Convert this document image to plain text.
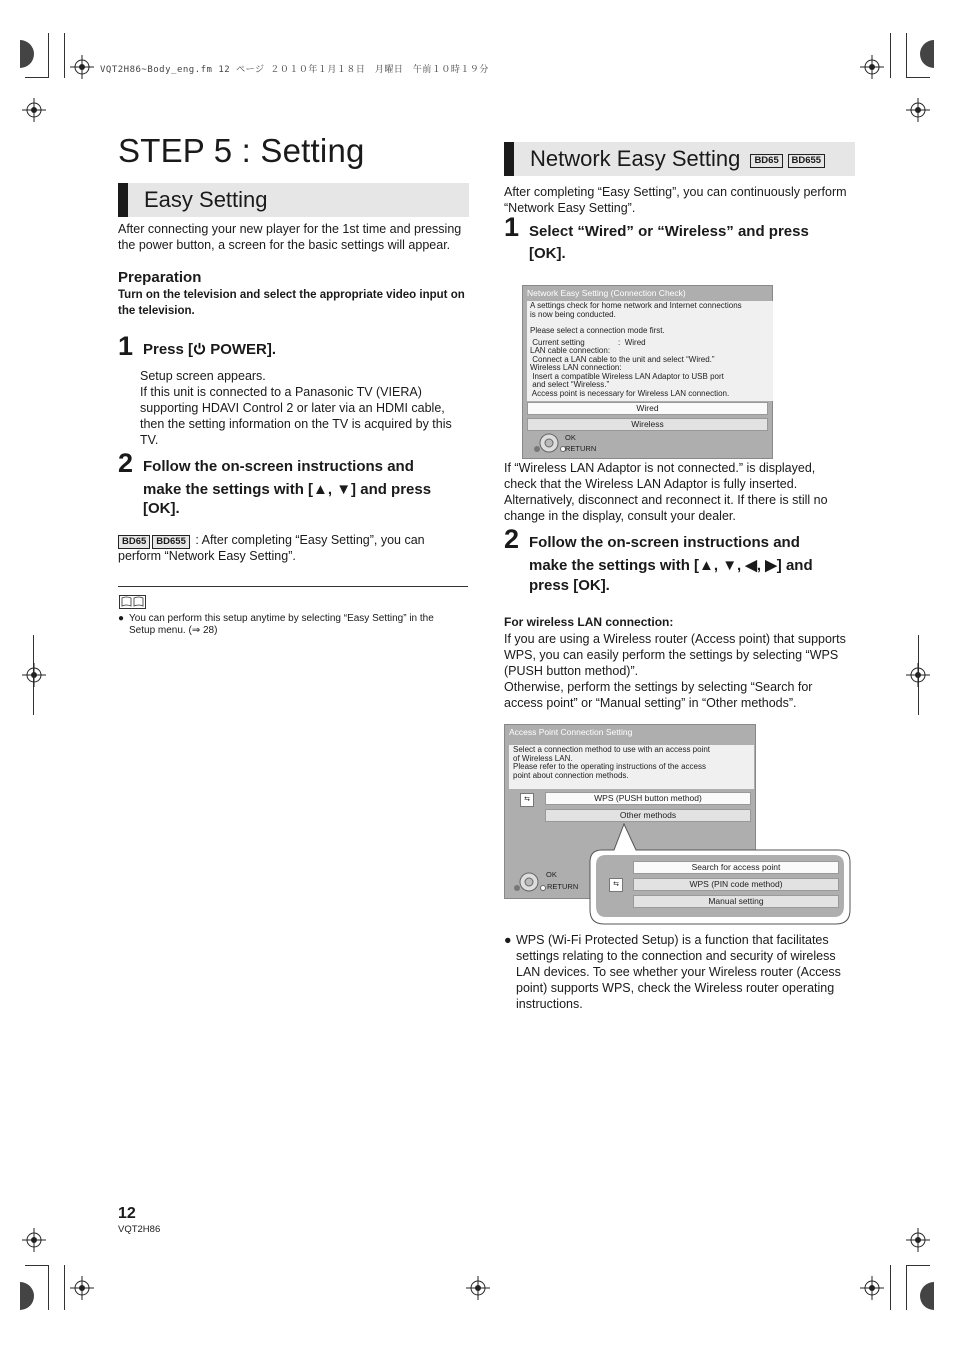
VQT2H86~Body_eng.fm 12 ページ ２０１０年１月１８日　月曜日　午前１０時１９分
STEP 5 : Setting
Easy Setting
After connecting your new player for the 1st time and pressing the power button, a screen for the basic settings will appear.
Preparation
Turn on the television and select the appropriate video input on the television.
1 Press [ POWER].
Setup screen appears.
If this unit is connected to a Panasonic TV (VIERA) supporting HDAVI Control 2 or later via an HDMI cable, then the setting information on the TV is acquired by this TV.
2 Follow the on-screen instructions and
make the settings with [▲, ▼] and press
[OK].
BD65 BD655 : After completing “Easy Setting”, you can
perform “Network Easy Setting”.
● You can perform this setup anytime by selecting “Easy Setting” in the
Setup menu. (⇒ 28)
Network Easy Setting BD65 BD655
After completing “Easy Setting”, you can continuously perform
“Network Easy Setting”.
1 Select “Wired” or “Wireless” and press
[OK].
Network Easy Setting (Connection Check)
A settings check for home network and Internet connections
is now being conducted.
Please select a connection mode first.
Current setting               :  Wired
LAN cable connection:
Connect a LAN cable to the unit and select “Wired.”
Wireless LAN connection:
Insert a compatible Wireless LAN Adaptor to USB port
and select “Wireless.”
Access point is necessary for Wireless LAN connection.
Wired
Wireless
OK
RETURN
If “Wireless LAN Adaptor is not connected.” is displayed,
check that the Wireless LAN Adaptor is fully inserted.
Alternatively, disconnect and reconnect it. If there is still no
change in the display, consult your dealer.
2 Follow the on-screen instructions and
make the settings with [▲, ▼, ◀, ▶] and
press [OK].
For wireless LAN connection:
If you are using a Wireless router (Access point) that supports
WPS, you can easily perform the settings by selecting “WPS
(PUSH button method)”.
Otherwise, perform the settings by selecting “Search for
access point” or “Manual setting” in “Other methods”.
Access Point Connection Setting
Select a connection method to use with an access point
of Wireless LAN.
Please refer to the operating instructions of the access
point about connection methods.
⇆	WPS (PUSH button method)
Other methods
OK
RETURN	⇆
Search for access point
WPS (PIN code method)
Manual setting
● WPS (Wi-Fi Protected Setup) is a function that facilitates
settings relating to the connection and security of wireless
LAN devices. To see whether your Wireless router (Access
point) supports WPS, check the Wireless router operating
instructions.
12
VQT2H86
